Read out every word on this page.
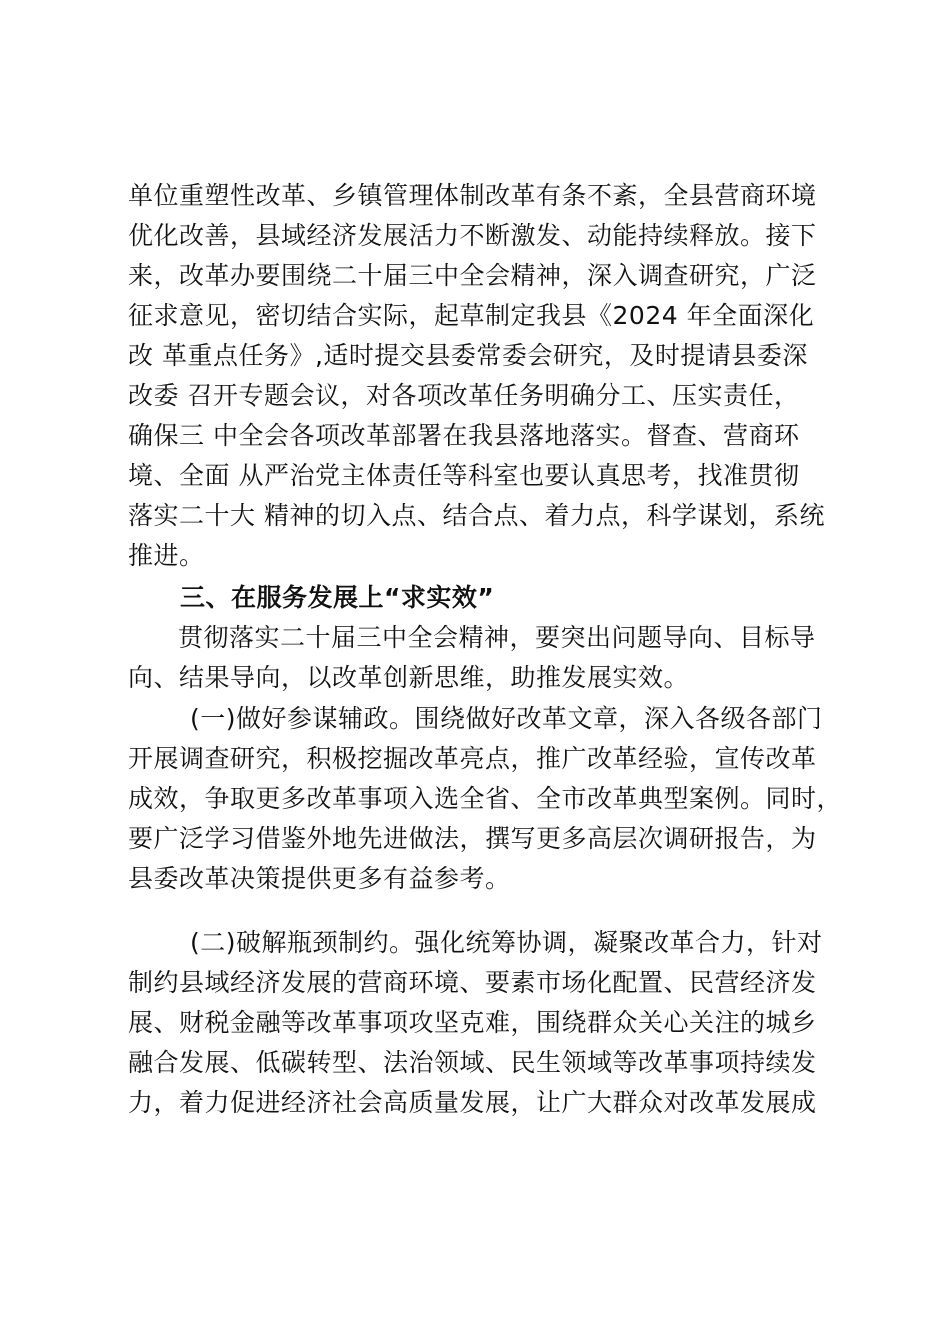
单位重塑性改革、乡镇管理体制改革有条不紊，全县营商环境
优化改善，县域经济发展活力不断激发、动能持续释放。接下
来，改革办要围绕二十届三中全会精神，深入调查研究，广泛
征求意见，密切结合实际，起草制定我县《2024 年全面深化
改 革重点任务》,适时提交县委常委会研究，及时提请县委深
改委 召开专题会议，对各项改革任务明确分工、压实责任，
确保三 中全会各项改革部署在我县落地落实。督查、营商环
境、全面 从严治党主体责任等科室也要认真思考，找准贯彻
落实二十大 精神的切入点、结合点、着力点，科学谋划，系统
推进。
三、在服务发展上“求实效”
贯彻落实二十届三中全会精神，要突出问题导向、目标导
向、结果导向，以改革创新思维，助推发展实效。
(一)做好参谋辅政。围绕做好改革文章，深入各级各部门
开展调查研究，积极挖掘改革亮点，推广改革经验，宣传改革
成效，争取更多改革事项入选全省、全市改革典型案例。同时，
要广泛学习借鉴外地先进做法，撰写更多高层次调研报告，为
县委改革决策提供更多有益参考。
(二)破解瓶颈制约。强化统筹协调，凝聚改革合力，针对
制约县域经济发展的营商环境、要素市场化配置、民营经济发
展、财税金融等改革事项攻坚克难，围绕群众关心关注的城乡
融合发展、低碳转型、法治领域、民生领域等改革事项持续发
力，着力促进经济社会高质量发展，让广大群众对改革发展成
